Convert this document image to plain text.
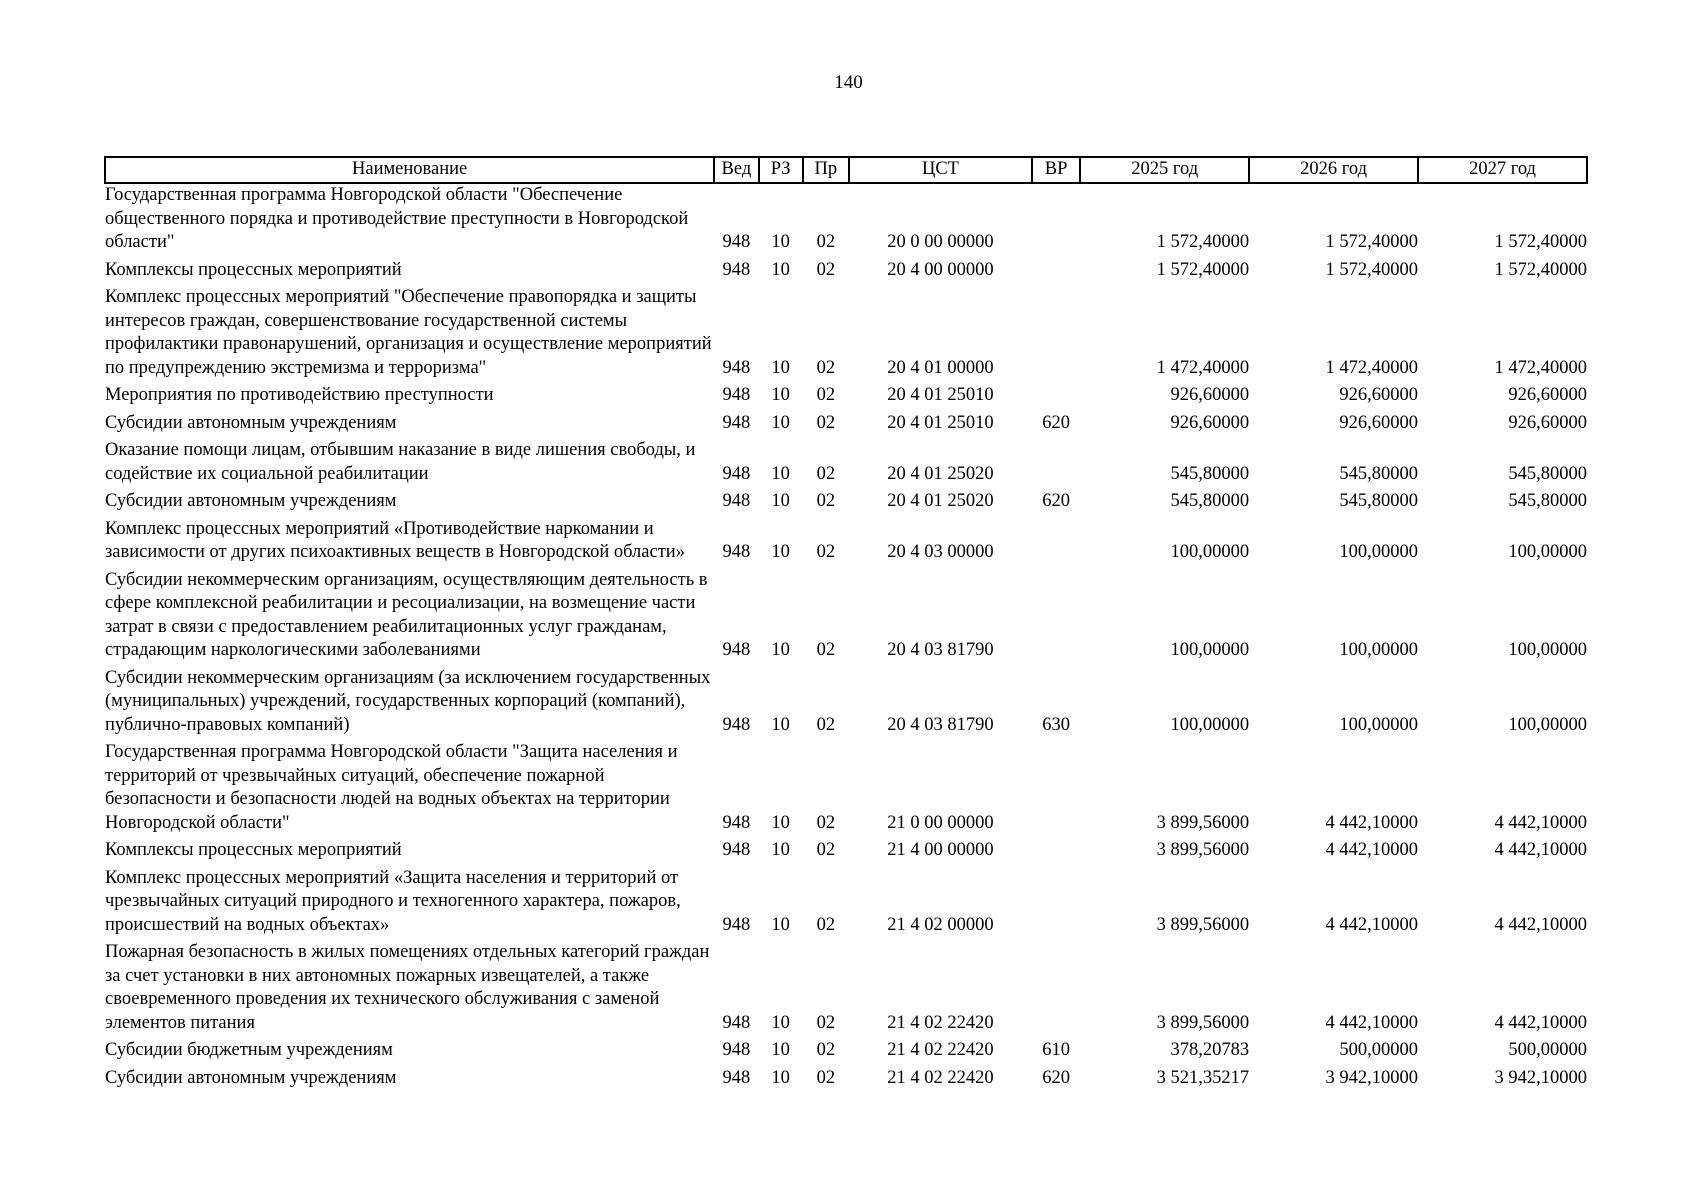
140
Наименование	Вед	РЗ	Пр	ЦСТ	ВР	2025 год	2026 год	2027 год
Государственная программа Новгородской области "Обеспечение общественного порядка и противодействие преступности в Новгородской области"	948	10	02	20 0 00 00000		1 572,40000	1 572,40000	1 572,40000
Комплексы процессных мероприятий	948	10	02	20 4 00 00000		1 572,40000	1 572,40000	1 572,40000
Комплекс процессных мероприятий "Обеспечение правопорядка и защиты интересов граждан, совершенствование государственной системы профилактики правонарушений, организация и осуществление мероприятий по предупреждению экстремизма и терроризма"	948	10	02	20 4 01 00000		1 472,40000	1 472,40000	1 472,40000
Мероприятия по противодействию преступности	948	10	02	20 4 01 25010		926,60000	926,60000	926,60000
Субсидии автономным учреждениям	948	10	02	20 4 01 25010	620	926,60000	926,60000	926,60000
Оказание помощи лицам, отбывшим наказание в виде лишения свободы, и содействие их социальной реабилитации	948	10	02	20 4 01 25020		545,80000	545,80000	545,80000
Субсидии автономным учреждениям	948	10	02	20 4 01 25020	620	545,80000	545,80000	545,80000
Комплекс процессных мероприятий «Противодействие наркомании и зависимости от других психоактивных веществ в Новгородской области»	948	10	02	20 4 03 00000		100,00000	100,00000	100,00000
Субсидии некоммерческим организациям, осуществляющим деятельность в сфере комплексной реабилитации и ресоциализации, на возмещение части затрат в связи с предоставлением реабилитационных услуг гражданам, страдающим наркологическими заболеваниями	948	10	02	20 4 03 81790		100,00000	100,00000	100,00000
Субсидии некоммерческим организациям (за исключением государственных (муниципальных) учреждений, государственных корпораций (компаний), публично-правовых компаний)	948	10	02	20 4 03 81790	630	100,00000	100,00000	100,00000
Государственная программа Новгородской области "Защита населения и территорий от чрезвычайных ситуаций, обеспечение пожарной безопасности и безопасности людей на водных объектах на территории Новгородской области"	948	10	02	21 0 00 00000		3 899,56000	4 442,10000	4 442,10000
Комплексы процессных мероприятий	948	10	02	21 4 00 00000		3 899,56000	4 442,10000	4 442,10000
Комплекс процессных мероприятий «Защита населения и территорий от чрезвычайных ситуаций природного и техногенного характера, пожаров, происшествий на водных объектах»	948	10	02	21 4 02 00000		3 899,56000	4 442,10000	4 442,10000
Пожарная безопасность в жилых помещениях отдельных категорий граждан за счет установки в них автономных пожарных извещателей, а также своевременного проведения их технического обслуживания с заменой элементов питания	948	10	02	21 4 02 22420		3 899,56000	4 442,10000	4 442,10000
Субсидии бюджетным учреждениям	948	10	02	21 4 02 22420	610	378,20783	500,00000	500,00000
Субсидии автономным учреждениям	948	10	02	21 4 02 22420	620	3 521,35217	3 942,10000	3 942,10000
